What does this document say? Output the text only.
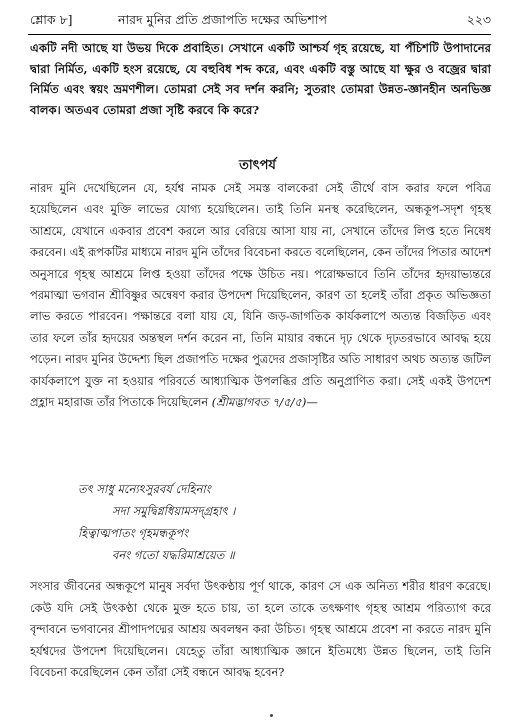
শ্লোক ৮]	নারদ মুনির প্রতি প্রজাপতি দক্ষের অভিশাপ	২২৩

একটি নদী আছে যা উভয় দিকে প্রবাহিত। সেখানে একটি আশ্চর্য গৃহ রয়েছে, যা পঁচিশটি উপাদানের দ্বারা নির্মিত, একটি হংস রয়েছে, যে বহুবিধ শব্দ করে, এবং একটি বস্তু আছে যা ক্ষুর ও বজ্রের দ্বারা নির্মিত এবং স্বয়ং ভ্রমণশীল। তোমরা সেই সব দর্শন করনি; সুতরাং তোমরা উন্নত-জ্ঞানহীন অনভিজ্ঞ বালক। অতএব তোমরা প্রজা সৃষ্টি করবে কি করে?

তাৎপর্য

নারদ মুনি দেখেছিলেন যে, হর্যশ্ব নামক সেই সমস্ত বালকেরা সেই তীর্থে বাস করার ফলে পবিত্র হয়েছিলেন এবং মুক্তি লাভের যোগ্য হয়েছিলেন। তাই তিনি মনস্থ করেছিলেন, অন্ধকূপ-সদৃশ গৃহস্থ আশ্রমে, যেখানে একবার প্রবেশ করলে আর বেরিয়ে আসা যায় না, সেখানে তাঁদের লিপ্ত হতে নিষেধ করবেন। এই রূপকটির মাধ্যমে নারদ মুনি তাঁদের বিবেচনা করতে বলেছিলেন, কেন তাঁদের পিতার আদেশ অনুসারে গৃহস্থ আশ্রমে লিপ্ত হওয়া তাঁদের পক্ষে উচিত নয়। পরোক্ষভাবে তিনি তাঁদের হৃদয়াভ্যন্তরে পরমাত্মা ভগবান শ্রীবিষ্ণুর অন্বেষণ করার উপদেশ দিয়েছিলেন, কারণ তা হলেই তাঁরা প্রকৃত অভিজ্ঞতা লাভ করতে পারবেন। পক্ষান্তরে বলা যায় যে, যিনি জড়-জাগতিক কার্যকলাপে অত্যন্ত বিজড়িত এবং তার ফলে তাঁর হৃদয়ের অন্তস্থল দর্শন করেন না, তিনি মায়ার বন্ধনে দৃঢ় থেকে দৃঢ়তরভাবে আবদ্ধ হয়ে পড়েন। নারদ মুনির উদ্দেশ্য ছিল প্রজাপতি দক্ষের পুত্রদের প্রজাসৃষ্টির অতি সাধারণ অথচ অত্যন্ত জটিল কার্যকলাপে যুক্ত না হওয়ার পরিবর্তে আধ্যাত্মিক উপলব্ধির প্রতি অনুপ্রাণিত করা। সেই একই উপদেশ প্রহ্লাদ মহারাজ তাঁর পিতাকে দিয়েছিলেন (শ্রীমদ্ভাগবত ৭/৫/৫)—

তৎ সাধু মন্যেঽসুরবর্য দেহিনাং
সদা সমুদ্বিগ্নধিয়ামসদ্গ্রহাৎ ।
হিত্বাত্মপাতং গৃহমন্ধকূপং
বনং গতো যদ্ধরিমাশ্রয়েত ॥

সংসার জীবনের অন্ধকূপে মানুষ সর্বদা উৎকণ্ঠায় পূর্ণ থাকে, কারণ সে এক অনিত্য শরীর ধারণ করেছে। কেউ যদি সেই উৎকণ্ঠা থেকে মুক্ত হতে চায়, তা হলে তাকে তৎক্ষণাৎ গৃহস্থ আশ্রম পরিত্যাগ করে বৃন্দাবনে ভগবানের শ্রীপাদপদ্মের আশ্রয় অবলম্বন করা উচিত। গৃহস্থ আশ্রমে প্রবেশ না করতে নারদ মুনি হর্যশ্বদের উপদেশ দিয়েছিলেন। যেহেতু তাঁরা আধ্যাত্মিক জ্ঞানে ইতিমধ্যে উন্নত ছিলেন, তাই তিনি বিবেচনা করেছিলেন কেন তাঁরা সেই বন্ধনে আবদ্ধ হবেন?
